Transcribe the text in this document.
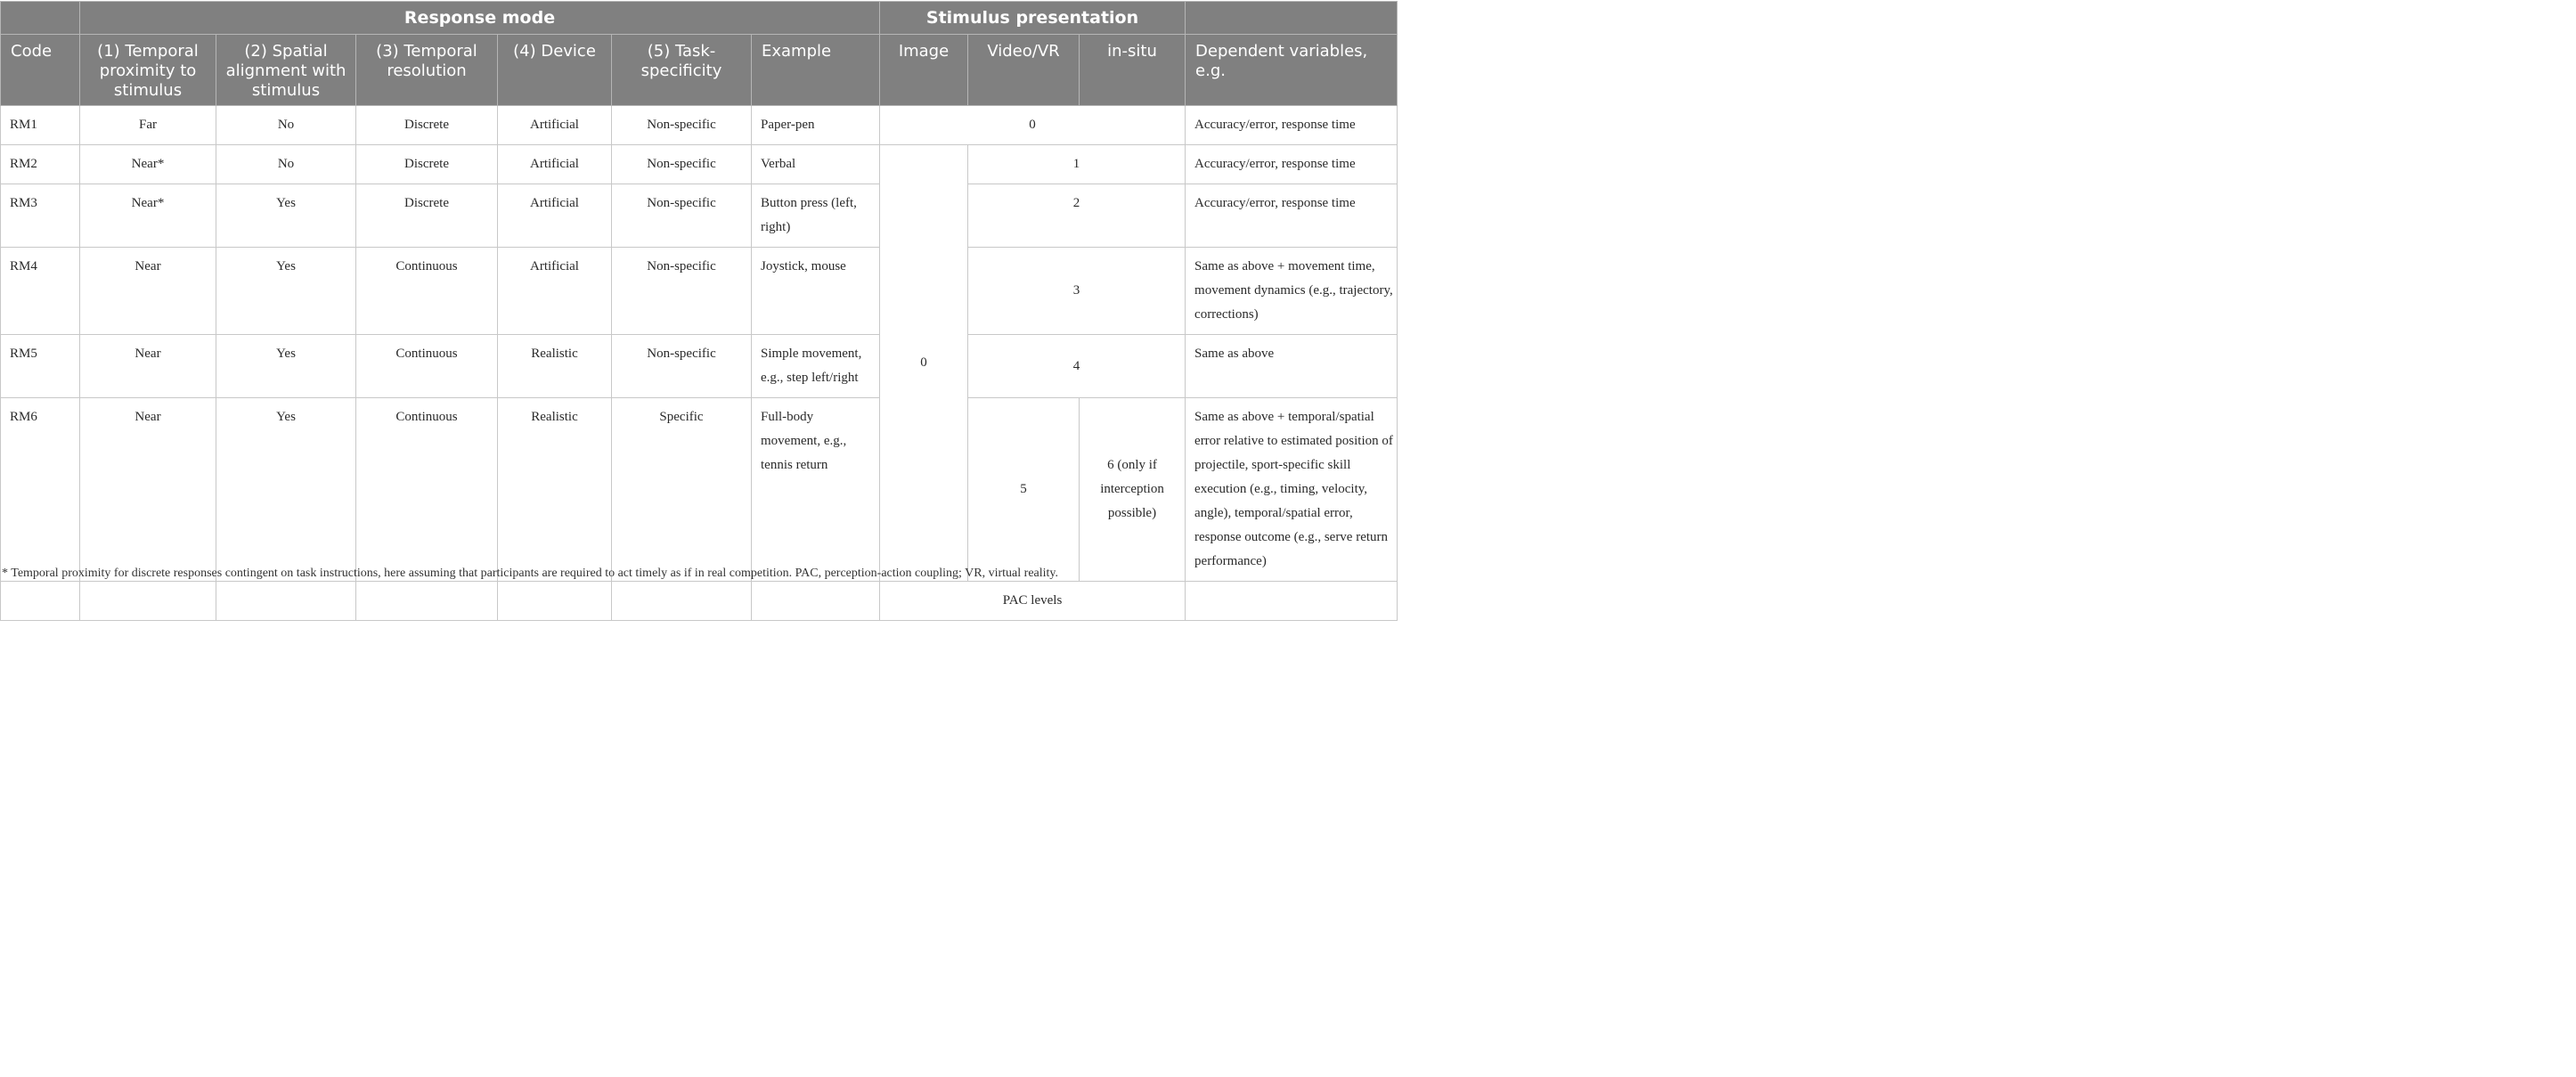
	Response mode						Stimulus presentation			
Code	(1) Temporal proximity to stimulus	(2) Spatial alignment with stimulus	(3) Temporal resolution	(4) Device	(5) Task-specificity	Example	Image	Video/VR	in-situ	Dependent variables, e.g.
RM1	Far	No	Discrete	Artificial	Non-specific	Paper-pen	0			Accuracy/error, response time
RM2	Near*	No	Discrete	Artificial	Non-specific	Verbal	0	1		Accuracy/error, response time
RM3	Near*	Yes	Discrete	Artificial	Non-specific	Button press (left, right)		2		Accuracy/error, response time
RM4	Near	Yes	Continuous	Artificial	Non-specific	Joystick, mouse		3		Same as above + movement time, movement dynamics (e.g., trajectory, corrections)
RM5	Near	Yes	Continuous	Realistic	Non-specific	Simple movement, e.g., step left/right		4		Same as above
RM6	Near	Yes	Continuous	Realistic	Specific	Full-body movement, e.g., tennis return		5	6 (only if interception possible)	Same as above + temporal/spatial error relative to estimated position of projectile, sport-specific skill execution (e.g., timing, velocity, angle), temporal/spatial error, response outcome (e.g., serve return performance)
							PAC levels			
* Temporal proximity for discrete responses contingent on task instructions, here assuming that participants are required to act timely as if in real competition. PAC, perception-action coupling; VR, virtual reality.
